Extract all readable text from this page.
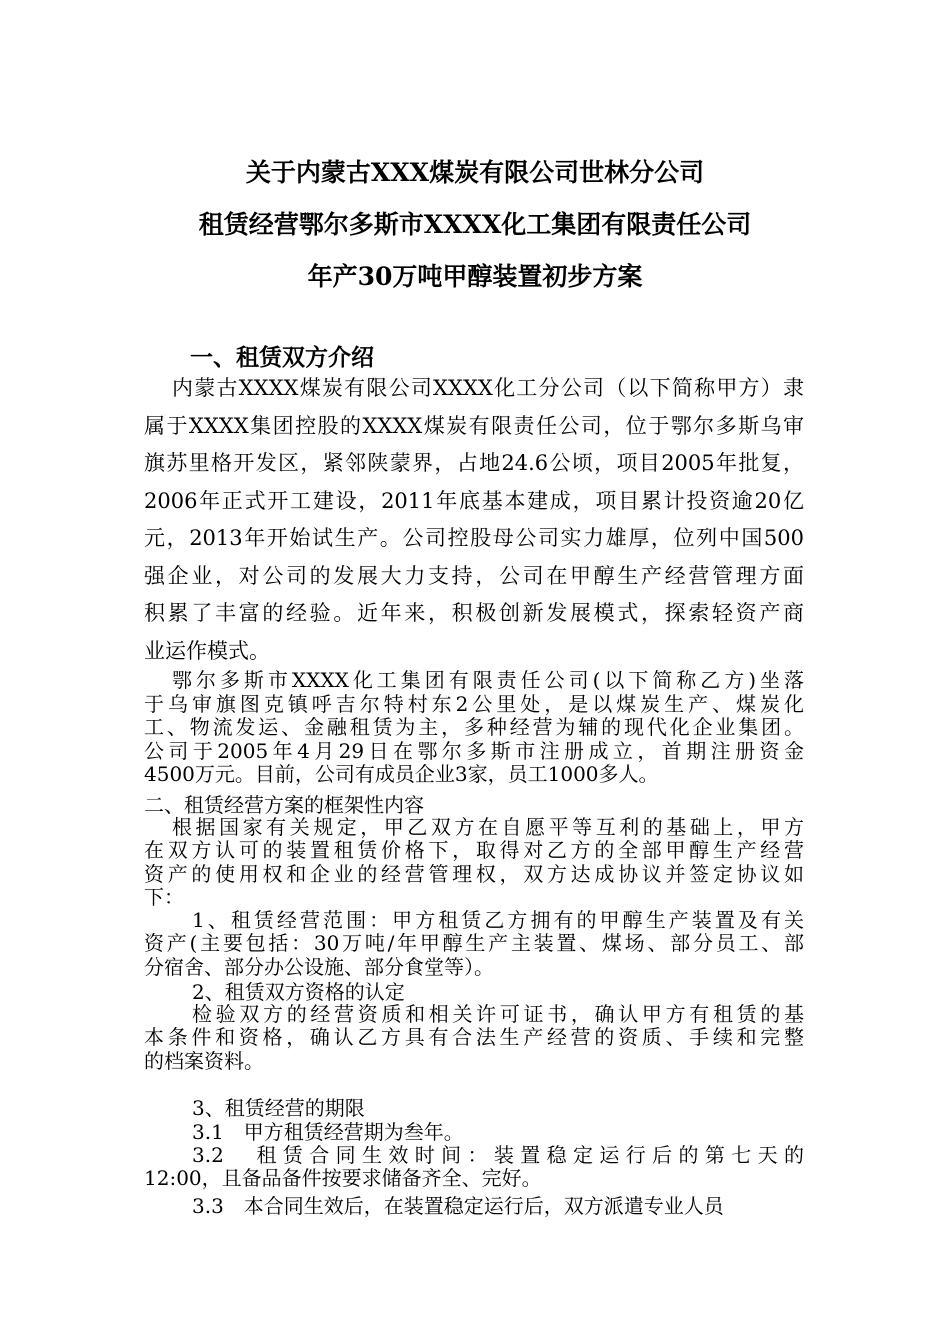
关于内蒙古XXX煤炭有限公司世林分公司
租赁经营鄂尔多斯市XXXX化工集团有限责任公司
年产30万吨甲醇装置初步方案
一、租赁双方介绍
内蒙古XXXX煤炭有限公司XXXX化工分公司（以下简称甲方）隶
属于XXXX集团控股的XXXX煤炭有限责任公司，位于鄂尔多斯乌审
旗苏里格开发区，紧邻陕蒙界，占地24.6公顷，项目2005年批复，
2006年正式开工建设，2011年底基本建成，项目累计投资逾20亿
元，2013年开始试生产。公司控股母公司实力雄厚，位列中国500
强企业，对公司的发展大力支持，公司在甲醇生产经营管理方面
积累了丰富的经验。近年来，积极创新发展模式，探索轻资产商
业运作模式。
鄂尔多斯市XXXX化工集团有限责任公司(以下简称乙方)坐落
于乌审旗图克镇呼吉尔特村东2公里处，是以煤炭生产、煤炭化
工、物流发运、金融租赁为主，多种经营为辅的现代化企业集团。
公司于2005年4月29日在鄂尔多斯市注册成立，首期注册资金
4500万元。目前，公司有成员企业3家，员工1000多人。
二、租赁经营方案的框架性内容
根据国家有关规定，甲乙双方在自愿平等互利的基础上，甲方
在双方认可的装置租赁价格下，取得对乙方的全部甲醇生产经营
资产的使用权和企业的经营管理权，双方达成协议并签定协议如
下：
1、租赁经营范围：甲方租赁乙方拥有的甲醇生产装置及有关
资产(主要包括：30万吨/年甲醇生产主装置、煤场、部分员工、部
分宿舍、部分办公设施、部分食堂等）。
2、租赁双方资格的认定
检验双方的经营资质和相关许可证书，确认甲方有租赁的基
本条件和资格，确认乙方具有合法生产经营的资质、手续和完整
的档案资料。
3、租赁经营的期限
3.1　甲方租赁经营期为叁年。
3.2　租赁合同生效时间：装置稳定运行后的第七天的
12:00，且备品备件按要求储备齐全、完好。
3.3　本合同生效后，在装置稳定运行后，双方派遣专业人员
